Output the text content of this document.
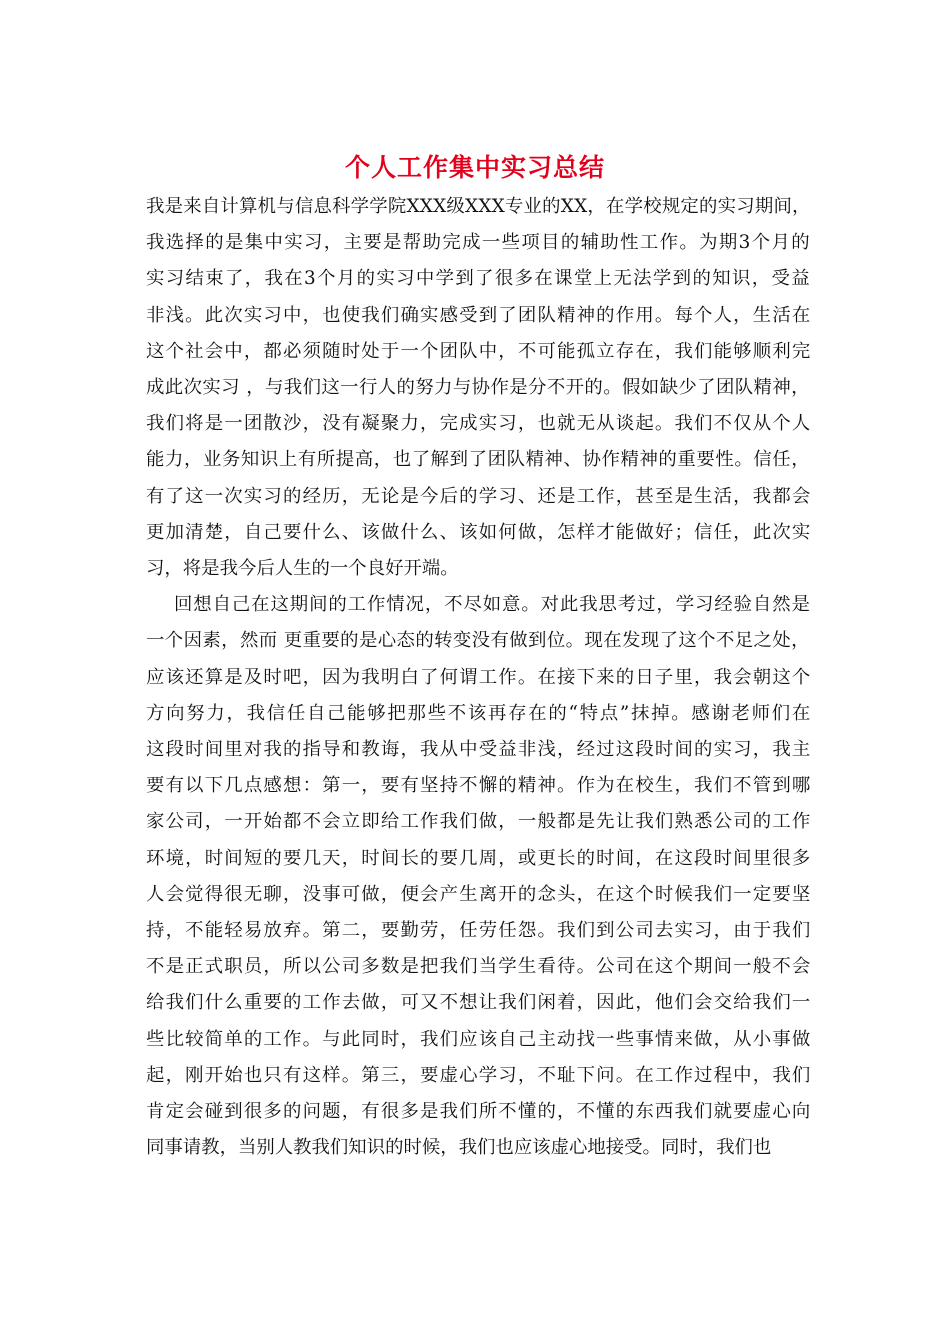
个人工作集中实习总结
我是来自计算机与信息科学学院XXX级XXX专业的XX，在学校规定的实习期间，
我选择的是集中实习，主要是帮助完成一些项目的辅助性工作。为期3个月的
实习结束了，我在3个月的实习中学到了很多在课堂上无法学到的知识，受益
非浅。此次实习中，也使我们确实感受到了团队精神的作用。每个人，生活在
这个社会中，都必须随时处于一个团队中，不可能孤立存在，我们能够顺利完
成此次实习 ，与我们这一行人的努力与协作是分不开的。假如缺少了团队精神，
我们将是一团散沙，没有凝聚力，完成实习，也就无从谈起。我们不仅从个人
能力，业务知识上有所提高，也了解到了团队精神、协作精神的重要性。信任，
有了这一次实习的经历，无论是今后的学习、还是工作，甚至是生活，我都会
更加清楚，自己要什么、该做什么、该如何做，怎样才能做好；信任，此次实
习，将是我今后人生的一个良好开端。
回想自己在这期间的工作情况，不尽如意。对此我思考过，学习经验自然是
一个因素，然而 更重要的是心态的转变没有做到位。现在发现了这个不足之处，
应该还算是及时吧，因为我明白了何谓工作。在接下来的日子里，我会朝这个
方向努力，我信任自己能够把那些不该再存在的“特点”抹掉。感谢老师们在
这段时间里对我的指导和教诲，我从中受益非浅，经过这段时间的实习，我主
要有以下几点感想：第一，要有坚持不懈的精神。作为在校生，我们不管到哪
家公司，一开始都不会立即给工作我们做，一般都是先让我们熟悉公司的工作
环境，时间短的要几天，时间长的要几周，或更长的时间，在这段时间里很多
人会觉得很无聊，没事可做，便会产生离开的念头，在这个时候我们一定要坚
持，不能轻易放弃。第二，要勤劳，任劳任怨。我们到公司去实习，由于我们
不是正式职员，所以公司多数是把我们当学生看待。公司在这个期间一般不会
给我们什么重要的工作去做，可又不想让我们闲着，因此，他们会交给我们一
些比较简单的工作。与此同时，我们应该自己主动找一些事情来做，从小事做
起，刚开始也只有这样。第三，要虚心学习，不耻下问。在工作过程中，我们
肯定会碰到很多的问题，有很多是我们所不懂的，不懂的东西我们就要虚心向
同事请教，当别人教我们知识的时候，我们也应该虚心地接受。同时，我们也
